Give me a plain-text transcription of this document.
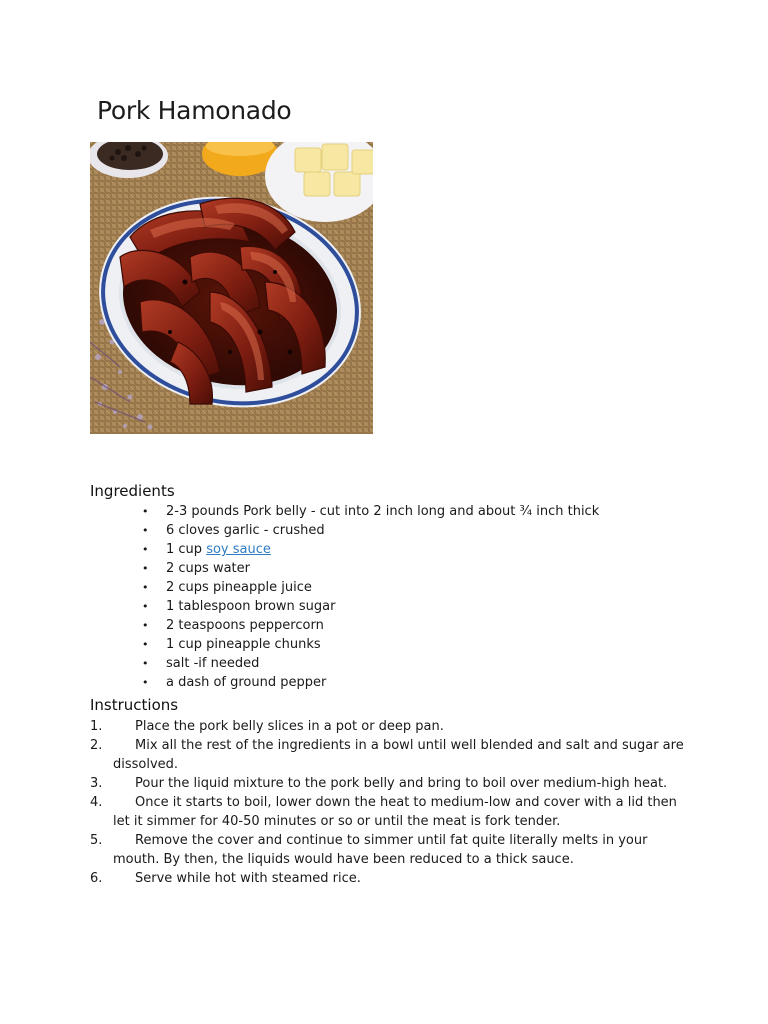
Pork Hamonado
Ingredients
• 2-3 pounds Pork belly - cut into 2 inch long and about ¾ inch thick
• 6 cloves garlic - crushed
• 1 cup soy sauce
• 2 cups water
• 2 cups pineapple juice
• 1 tablespoon brown sugar
• 2 teaspoons peppercorn
• 1 cup pineapple chunks
• salt -if needed
• a dash of ground pepper
Instructions
1.	Place the pork belly slices in a pot or deep pan.
2.	Mix all the rest of the ingredients in a bowl until well blended and salt and sugar are dissolved.
3.	Pour the liquid mixture to the pork belly and bring to boil over medium-high heat.
4.	Once it starts to boil, lower down the heat to medium-low and cover with a lid then let it simmer for 40-50 minutes or so or until the meat is fork tender.
5.	Remove the cover and continue to simmer until fat quite literally melts in your mouth. By then, the liquids would have been reduced to a thick sauce.
6.	Serve while hot with steamed rice.
